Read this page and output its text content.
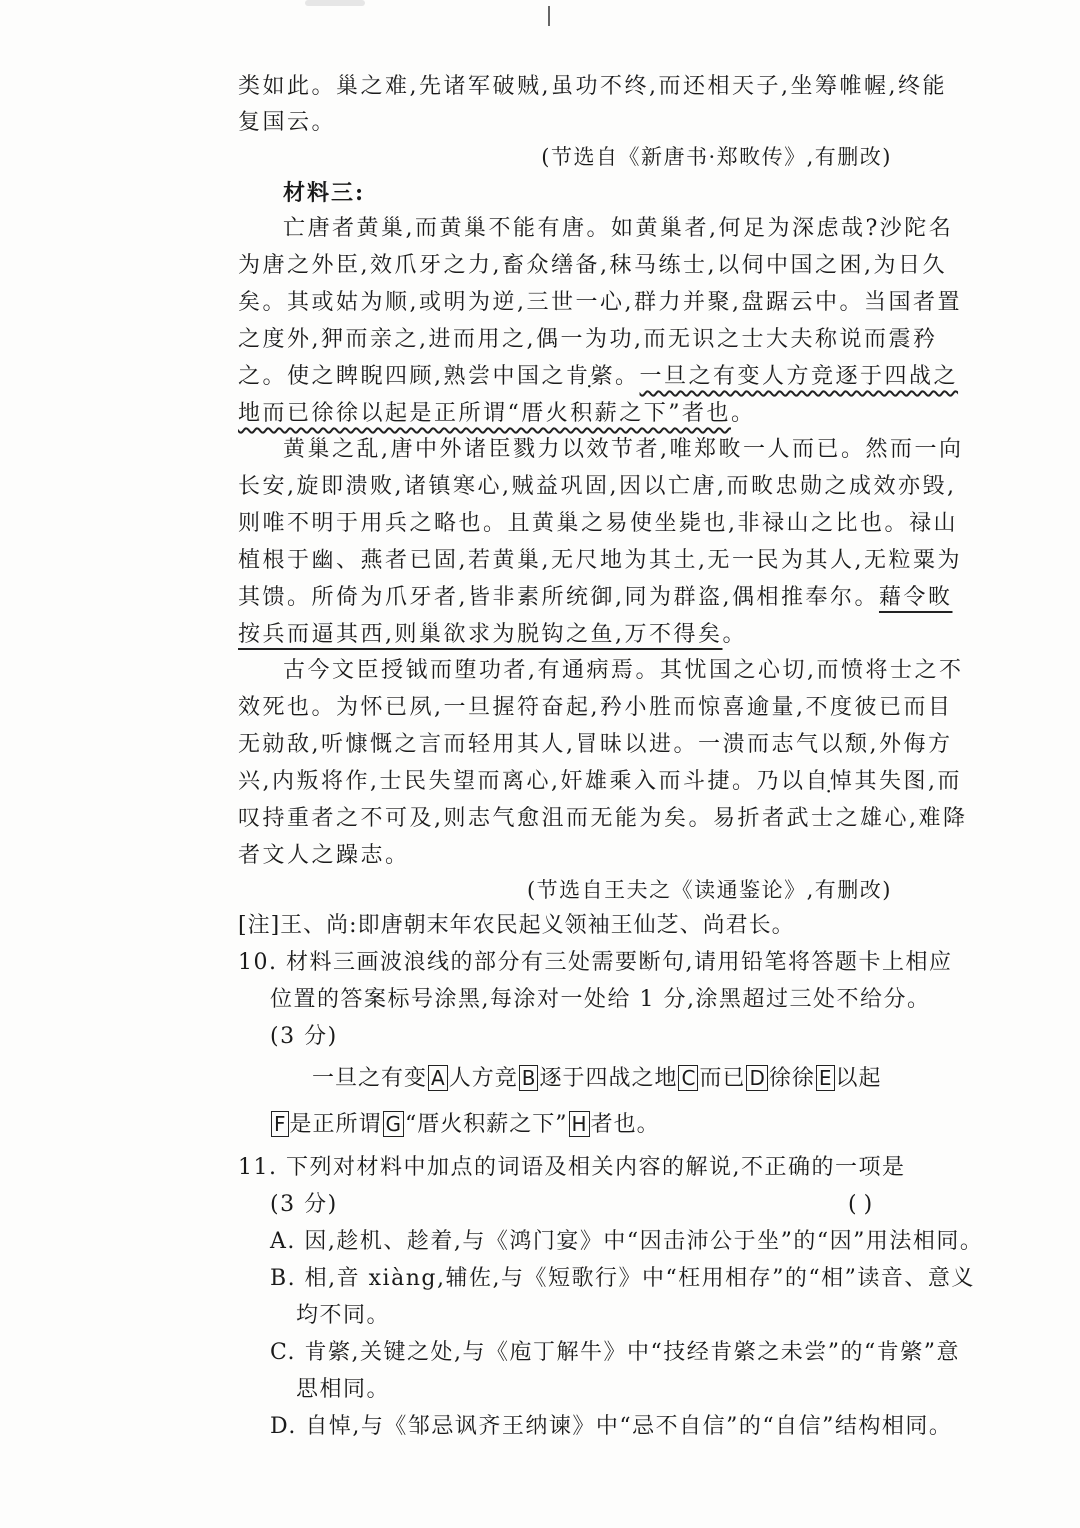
类如此。巢之难,先诸军破贼,虽功不终,而还相天子,坐筹帷幄,终能
复国云。
(节选自《新唐书·郑畋传》,有删改)
材料三:
亡唐者黄巢,而黄巢不能有唐。如黄巢者,何足为深虑哉?沙陀名
为唐之外臣,效爪牙之力,畜众缮备,秣马练士,以伺中国之困,为日久
矣。其或姑为顺,或明为逆,三世一心,群力并聚,盘踞云中。当国者置
之度外,狎而亲之,进而用之,偶一为功,而无识之士大夫称说而震矜
之。使之睥睨四顾,熟尝中国之肯綮。一旦之有变人方竞逐于四战之
地而已徐徐以起是正所谓“厝火积薪之下”者也。
黄巢之乱,唐中外诸臣戮力以效节者,唯郑畋一人而已。然而一向
长安,旋即溃败,诸镇寒心,贼益巩固,因以亡唐,而畋忠勋之成效亦毁,
则唯不明于用兵之略也。且黄巢之易使坐毙也,非禄山之比也。禄山
植根于幽、燕者已固,若黄巢,无尺地为其土,无一民为其人,无粒粟为
其馈。所倚为爪牙者,皆非素所统御,同为群盗,偶相推奉尔。藉令畋
按兵而逼其西,则巢欲求为脱钩之鱼,万不得矣。
古今文臣授钺而堕功者,有通病焉。其忧国之心切,而愤将士之不
效死也。为怀已夙,一旦握符奋起,矜小胜而惊喜逾量,不度彼已而目
无勍敌,听慷慨之言而轻用其人,冒昧以进。一溃而志气以颓,外侮方
兴,内叛将作,士民失望而离心,奸雄乘入而斗捷。乃以自悼其失图,而
叹持重者之不可及,则志气愈沮而无能为矣。易折者武士之雄心,难降
者文人之躁志。
(节选自王夫之《读通鉴论》,有删改)
[注]王、尚:即唐朝末年农民起义领袖王仙芝、尚君长。
10. 材料三画波浪线的部分有三处需要断句,请用铅笔将答题卡上相应
位置的答案标号涂黑,每涂对一处给 1 分,涂黑超过三处不给分。
(3 分)
一旦之有变 A 人方竞 B 逐于四战之地 C 而已 D 徐徐 E 以起
F 是正所谓 G “厝火积薪之下” H 者也。
11. 下列对材料中加点的词语及相关内容的解说,不正确的一项是
(3 分)	( )
A. 因,趁机、趁着,与《鸿门宴》中“因击沛公于坐”的“因”用法相同。
B. 相,音 xiàng,辅佐,与《短歌行》中“枉用相存”的“相”读音、意义
均不同。
C. 肯綮,关键之处,与《庖丁解牛》中“技经肯綮之未尝”的“肯綮”意
思相同。
D. 自悼,与《邹忌讽齐王纳谏》中“忌不自信”的“自信”结构相同。
